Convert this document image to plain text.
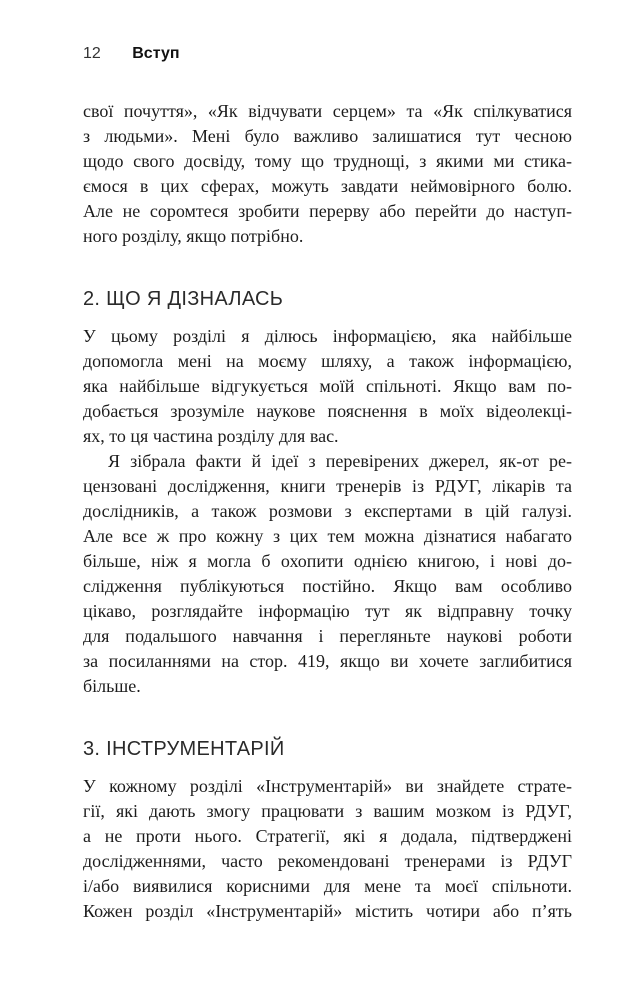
12 Вступ
свої почуття», «Як відчувати серцем» та «Як спілкуватися
з людьми». Мені було важливо залишатися тут чесною
щодо свого досвіду, тому що труднощі, з якими ми стика-
ємося в цих сферах, можуть завдати неймовірного болю.
Але не соромтеся зробити перерву або перейти до наступ-
ного розділу, якщо потрібно.
2. ЩО Я ДІЗНАЛАСЬ
У цьому розділі я ділюсь інформацією, яка найбільше
допомогла мені на моєму шляху, а також інформацією,
яка найбільше відгукується моїй спільноті. Якщо вам по-
добається зрозуміле наукове пояснення в моїх відеолекці-
ях, то ця частина розділу для вас.
Я зібрала факти й ідеї з перевірених джерел, як-от ре-
цензовані дослідження, книги тренерів із РДУГ, лікарів та
дослідників, а також розмови з експертами в цій галузі.
Але все ж про кожну з цих тем можна дізнатися набагато
більше, ніж я могла б охопити однією книгою, і нові до-
слідження публікуються постійно. Якщо вам особливо
цікаво, розглядайте інформацію тут як відправну точку
для подальшого навчання і перегляньте наукові роботи
за посиланнями на стор. 419, якщо ви хочете заглибитися
більше.
3. ІНСТРУМЕНТАРІЙ
У кожному розділі «Інструментарій» ви знайдете страте-
гії, які дають змогу працювати з вашим мозком із РДУГ,
а не проти нього. Стратегії, які я додала, підтверджені
дослідженнями, часто рекомендовані тренерами із РДУГ
і/або виявилися корисними для мене та моєї спільноти.
Кожен розділ «Інструментарій» містить чотири або п’ять
